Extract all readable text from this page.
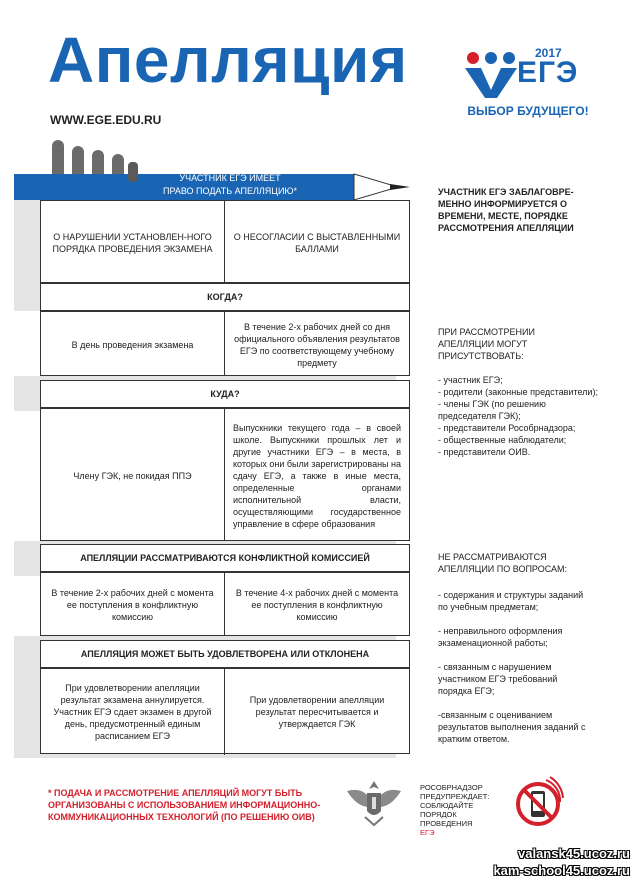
Апелляция
WWW.EGE.EDU.RU
2017
ЕГЭ
ВЫБОР БУДУЩЕГО!
УЧАСТНИК ЕГЭ ИМЕЕТ
ПРАВО ПОДАТЬ АПЕЛЛЯЦИЮ*
О НАРУШЕНИИ УСТАНОВЛЕН-НОГО ПОРЯДКА ПРОВЕДЕНИЯ ЭКЗАМЕНА
О НЕСОГЛАСИИ С ВЫСТАВЛЕННЫМИ БАЛЛАМИ
КОГДА?
В день проведения экзамена
В течение 2-х рабочих дней со дня официального объявления результатов ЕГЭ по соответствующему учебному предмету
КУДА?
Члену ГЭК, не покидая ППЭ
Выпускники текущего года – в своей школе. Выпускники прошлых лет и другие участники ЕГЭ – в места, в которых они были зарегистрированы на сдачу ЕГЭ, а также в иные места, определенные органами исполнительной власти, осуществляющими государственное управление в сфере образования
АПЕЛЛЯЦИИ РАССМАТРИВАЮТСЯ КОНФЛИКТНОЙ КОМИССИЕЙ
В течение 2-х рабочих дней с момента ее поступления в конфликтную комиссию
В течение 4-х рабочих дней с момента ее поступления в конфликтную комиссию
АПЕЛЛЯЦИЯ МОЖЕТ БЫТЬ УДОВЛЕТВОРЕНА ИЛИ ОТКЛОНЕНА
При удовлетворении апелляции результат экзамена аннулируется. Участник ЕГЭ сдает экзамен в другой день, предусмотренный единым расписанием ЕГЭ
При удовлетворении апелляции результат пересчитывается и утверждается ГЭК
УЧАСТНИК ЕГЭ ЗАБЛАГОВРЕ-МЕННО ИНФОРМИРУЕТСЯ О ВРЕМЕНИ, МЕСТЕ, ПОРЯДКЕ РАССМОТРЕНИЯ АПЕЛЛЯЦИИ
ПРИ РАССМОТРЕНИИ АПЕЛЛЯЦИИ МОГУТ ПРИСУТСТВОВАТЬ:
- участник ЕГЭ;
- родители (законные представители);
- члены ГЭК (по решению председателя ГЭК);
- представители Рособрнадзора;
- общественные наблюдатели;
- представители ОИВ.
НЕ РАССМАТРИВАЮТСЯ АПЕЛЛЯЦИИ ПО ВОПРОСАМ:
- содержания и структуры заданий по учебным предметам;
- неправильного оформления экзаменационной работы;
- связанным с нарушением участником ЕГЭ требований порядка ЕГЭ;
-связанным с оцениванием результатов выполнения заданий с кратким ответом.
* ПОДАЧА И РАССМОТРЕНИЕ АПЕЛЛЯЦИЙ МОГУТ БЫТЬ ОРГАНИЗОВАНЫ С ИСПОЛЬЗОВАНИЕМ ИНФОРМАЦИОННО-КОММУНИКАЦИОННЫХ ТЕХНОЛОГИЙ (ПО РЕШЕНИЮ ОИВ)
РОСОБРНАДЗОР
ПРЕДУПРЕЖДАЕТ:
СОБЛЮДАЙТЕ
ПОРЯДОК
ПРОВЕДЕНИЯ
ЕГЭ
valansk45.ucoz.ru
kam-school45.ucoz.ru
